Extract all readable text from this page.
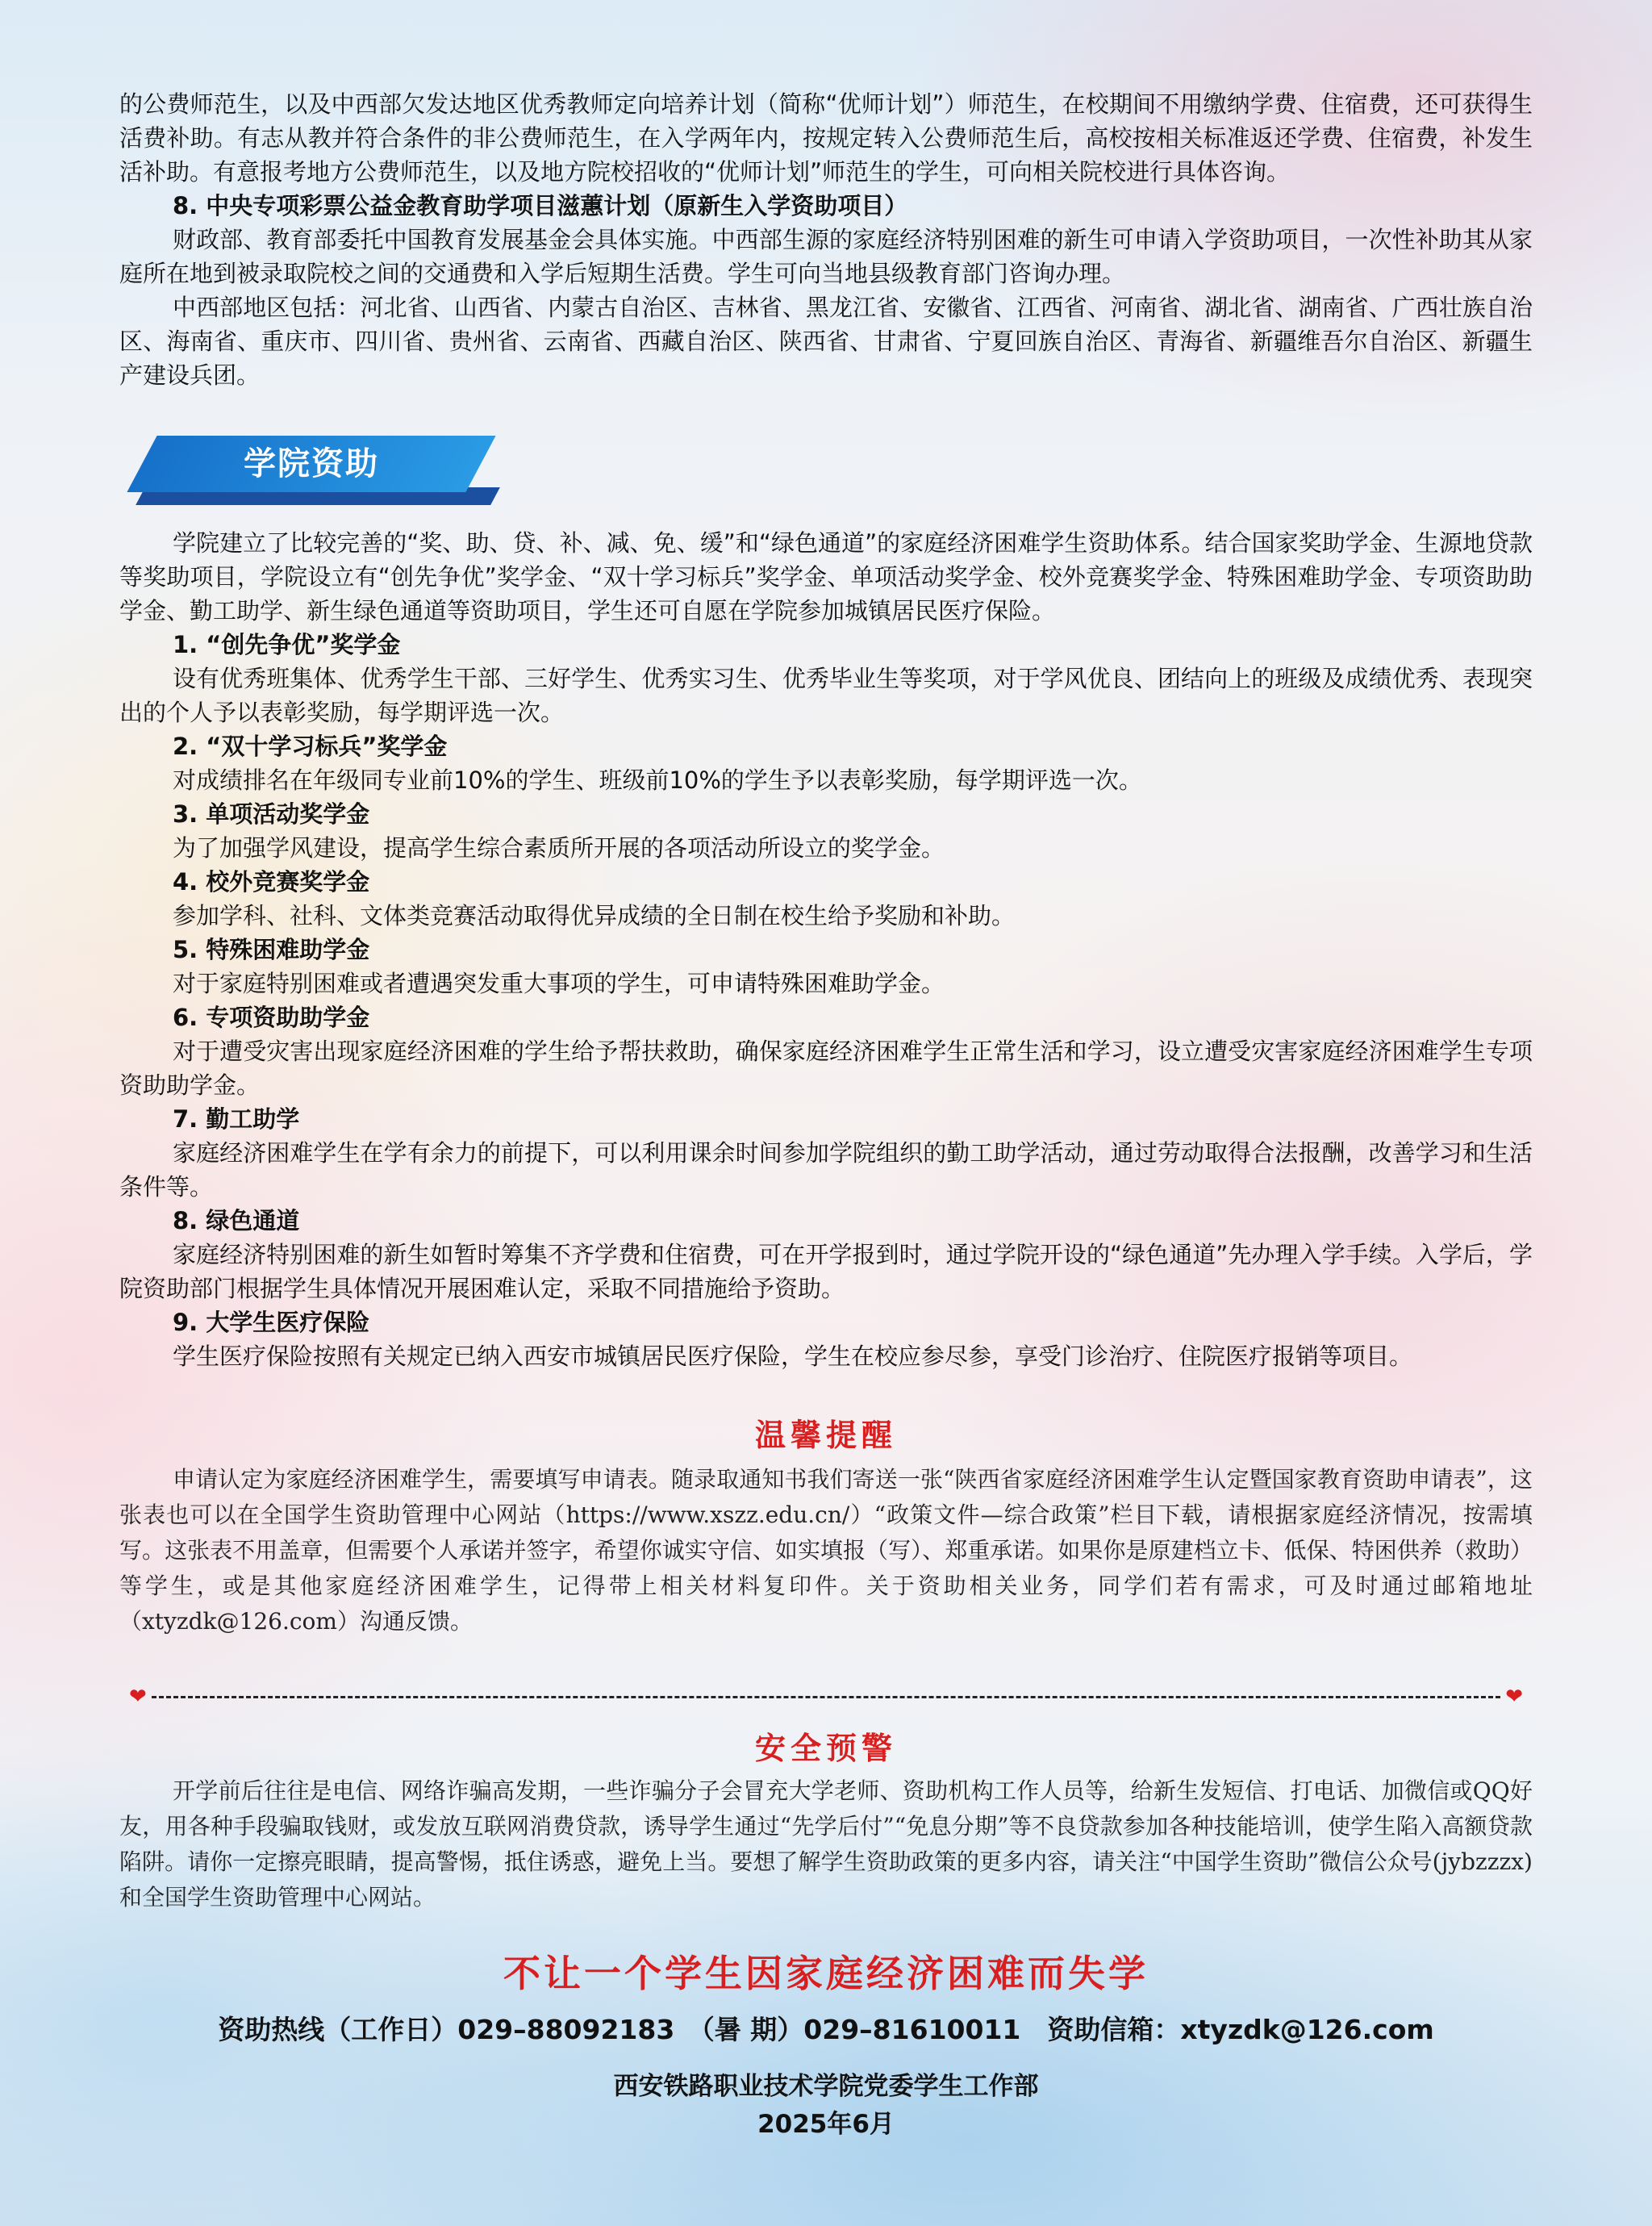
的公费师范生，以及中西部欠发达地区优秀教师定向培养计划（简称“优师计划”）师范生，在校期间不用缴纳学费、住宿费，还可获得生活费补助。有志从教并符合条件的非公费师范生，在入学两年内，按规定转入公费师范生后，高校按相关标准返还学费、住宿费，补发生活补助。有意报考地方公费师范生，以及地方院校招收的“优师计划”师范生的学生，可向相关院校进行具体咨询。

8. 中央专项彩票公益金教育助学项目滋蕙计划（原新生入学资助项目）

财政部、教育部委托中国教育发展基金会具体实施。中西部生源的家庭经济特别困难的新生可申请入学资助项目，一次性补助其从家庭所在地到被录取院校之间的交通费和入学后短期生活费。学生可向当地县级教育部门咨询办理。

中西部地区包括：河北省、山西省、内蒙古自治区、吉林省、黑龙江省、安徽省、江西省、河南省、湖北省、湖南省、广西壮族自治区、海南省、重庆市、四川省、贵州省、云南省、西藏自治区、陕西省、甘肃省、宁夏回族自治区、青海省、新疆维吾尔自治区、新疆生产建设兵团。

学院资助

学院建立了比较完善的“奖、助、贷、补、减、免、缓”和“绿色通道”的家庭经济困难学生资助体系。结合国家奖助学金、生源地贷款等奖助项目，学院设立有“创先争优”奖学金、“双十学习标兵”奖学金、单项活动奖学金、校外竞赛奖学金、特殊困难助学金、专项资助助学金、勤工助学、新生绿色通道等资助项目，学生还可自愿在学院参加城镇居民医疗保险。

1. “创先争优”奖学金

设有优秀班集体、优秀学生干部、三好学生、优秀实习生、优秀毕业生等奖项，对于学风优良、团结向上的班级及成绩优秀、表现突出的个人予以表彰奖励，每学期评选一次。

2. “双十学习标兵”奖学金

对成绩排名在年级同专业前10%的学生、班级前10%的学生予以表彰奖励，每学期评选一次。

3. 单项活动奖学金

为了加强学风建设，提高学生综合素质所开展的各项活动所设立的奖学金。

4. 校外竞赛奖学金

参加学科、社科、文体类竞赛活动取得优异成绩的全日制在校生给予奖励和补助。

5. 特殊困难助学金

对于家庭特别困难或者遭遇突发重大事项的学生，可申请特殊困难助学金。

6. 专项资助助学金

对于遭受灾害出现家庭经济困难的学生给予帮扶救助，确保家庭经济困难学生正常生活和学习，设立遭受灾害家庭经济困难学生专项资助助学金。

7. 勤工助学

家庭经济困难学生在学有余力的前提下，可以利用课余时间参加学院组织的勤工助学活动，通过劳动取得合法报酬，改善学习和生活条件等。

8. 绿色通道

家庭经济特别困难的新生如暂时筹集不齐学费和住宿费，可在开学报到时，通过学院开设的“绿色通道”先办理入学手续。入学后，学院资助部门根据学生具体情况开展困难认定，采取不同措施给予资助。

9. 大学生医疗保险

学生医疗保险按照有关规定已纳入西安市城镇居民医疗保险，学生在校应参尽参，享受门诊治疗、住院医疗报销等项目。

温馨提醒

申请认定为家庭经济困难学生，需要填写申请表。随录取通知书我们寄送一张“陕西省家庭经济困难学生认定暨国家教育资助申请表”，这张表也可以在全国学生资助管理中心网站（https://www.xszz.edu.cn/）“政策文件—综合政策”栏目下载，请根据家庭经济情况，按需填写。这张表不用盖章，但需要个人承诺并签字，希望你诚实守信、如实填报（写）、郑重承诺。如果你是原建档立卡、低保、特困供养（救助）等学生，或是其他家庭经济困难学生，记得带上相关材料复印件。关于资助相关业务，同学们若有需求，可及时通过邮箱地址（xtyzdk@126.com）沟通反馈。

❤	❤
安全预警

开学前后往往是电信、网络诈骗高发期，一些诈骗分子会冒充大学老师、资助机构工作人员等，给新生发短信、打电话、加微信或QQ好友，用各种手段骗取钱财，或发放互联网消费贷款，诱导学生通过“先学后付”“免息分期”等不良贷款参加各种技能培训，使学生陷入高额贷款陷阱。请你一定擦亮眼睛，提高警惕，抵住诱惑，避免上当。要想了解学生资助政策的更多内容，请关注“中国学生资助”微信公众号(jybzzzx)和全国学生资助管理中心网站。

不让一个学生因家庭经济困难而失学
资助热线（工作日）029–88092183　（暑 期）029–81610011　资助信箱：xtyzdk@126.com
西安铁路职业技术学院党委学生工作部
2025年6月
